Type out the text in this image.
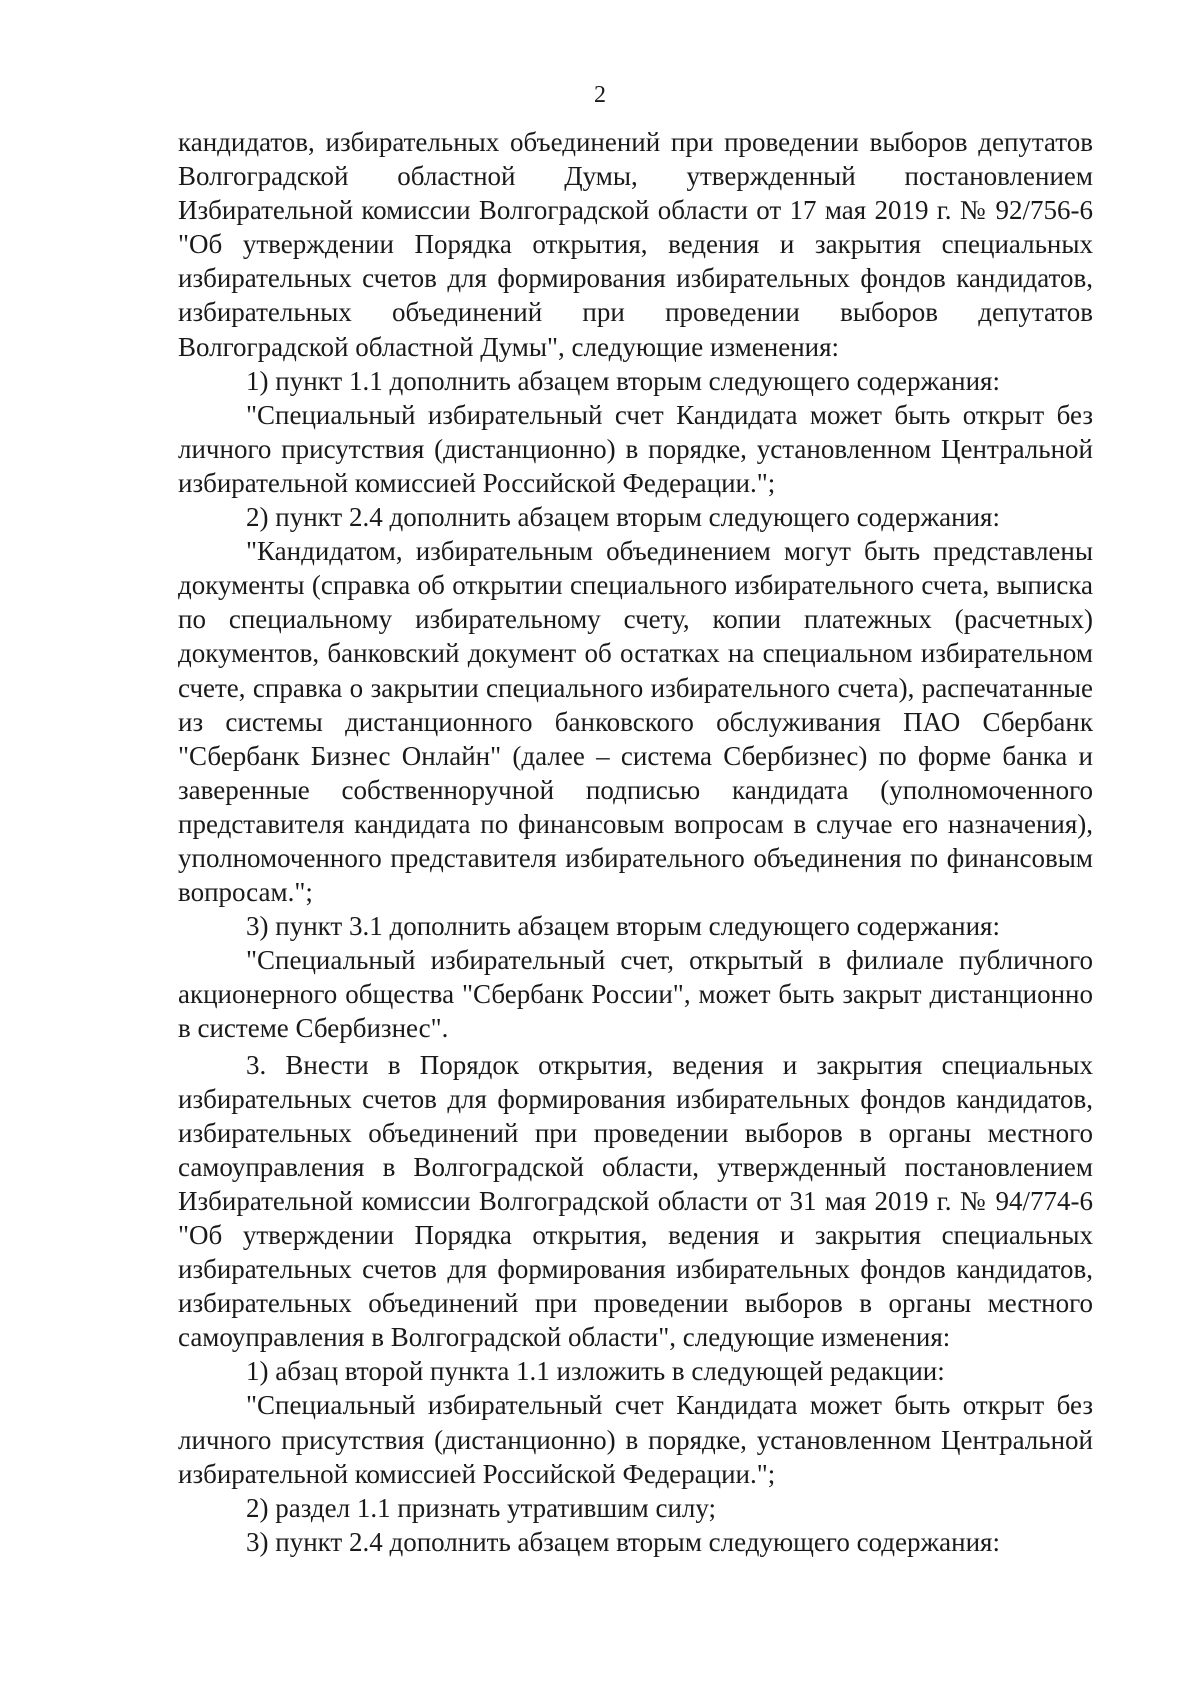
2

кандидатов, избирательных объединений при проведении выборов депутатов Волгоградской областной Думы, утвержденный постановлением Избирательной комиссии Волгоградской области от 17 мая 2019 г. № 92/756-6 "Об утверждении Порядка открытия, ведения и закрытия специальных избирательных счетов для формирования избирательных фондов кандидатов, избирательных объединений при проведении выборов депутатов Волгоградской областной Думы", следующие изменения:

1) пункт 1.1 дополнить абзацем вторым следующего содержания:

"Специальный избирательный счет Кандидата может быть открыт без личного присутствия (дистанционно) в порядке, установленном Центральной избирательной комиссией Российской Федерации.";

2) пункт 2.4 дополнить абзацем вторым следующего содержания:

"Кандидатом, избирательным объединением могут быть представлены документы (справка об открытии специального избирательного счета, выписка по специальному избирательному счету, копии платежных (расчетных) документов, банковский документ об остатках на специальном избирательном счете, справка о закрытии специального избирательного счета), распечатанные из системы дистанционного банковского обслуживания ПАО Сбербанк "Сбербанк Бизнес Онлайн" (далее – система Сбербизнес) по форме банка и заверенные собственноручной подписью кандидата (уполномоченного представителя кандидата по финансовым вопросам в случае его назначения), уполномоченного представителя избирательного объединения по финансовым вопросам.";

3) пункт 3.1 дополнить абзацем вторым следующего содержания:

"Специальный избирательный счет, открытый в филиале публичного акционерного общества "Сбербанк России", может быть закрыт дистанционно в системе Сбербизнес".

3. Внести в Порядок открытия, ведения и закрытия специальных избирательных счетов для формирования избирательных фондов кандидатов, избирательных объединений при проведении выборов в органы местного самоуправления в Волгоградской области, утвержденный постановлением Избирательной комиссии Волгоградской области от 31 мая 2019 г. № 94/774-6 "Об утверждении Порядка открытия, ведения и закрытия специальных избирательных счетов для формирования избирательных фондов кандидатов, избирательных объединений при проведении выборов в органы местного самоуправления в Волгоградской области", следующие изменения:

1) абзац второй пункта 1.1 изложить в следующей редакции:

"Специальный избирательный счет Кандидата может быть открыт без личного присутствия (дистанционно) в порядке, установленном Центральной избирательной комиссией Российской Федерации.";

2) раздел 1.1 признать утратившим силу;

3) пункт 2.4 дополнить абзацем вторым следующего содержания:
